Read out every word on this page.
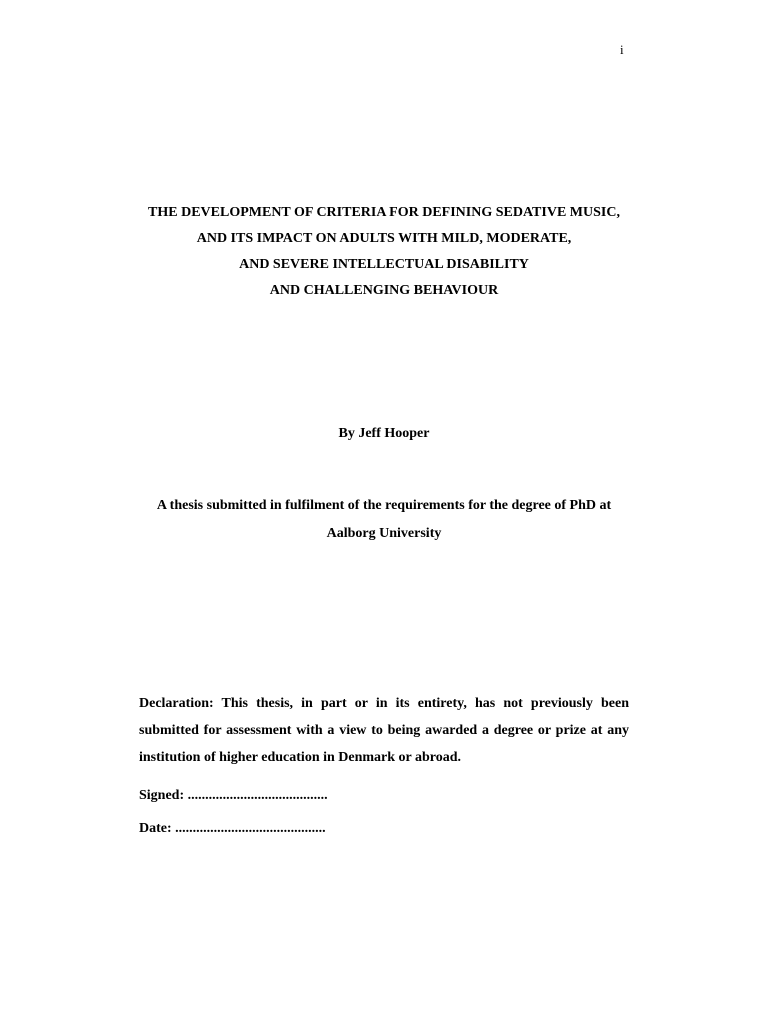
i
THE DEVELOPMENT OF CRITERIA FOR DEFINING SEDATIVE MUSIC,
AND ITS IMPACT ON ADULTS WITH MILD, MODERATE,
AND SEVERE INTELLECTUAL DISABILITY
AND CHALLENGING BEHAVIOUR
By Jeff Hooper
A thesis submitted in fulfilment of the requirements for the degree of PhD at
Aalborg University
Declaration: This thesis, in part or in its entirety, has not previously been
submitted for assessment with a view to being awarded a degree or prize at any
institution of higher education in Denmark or abroad.
Signed: ........................................
Date: ...........................................
